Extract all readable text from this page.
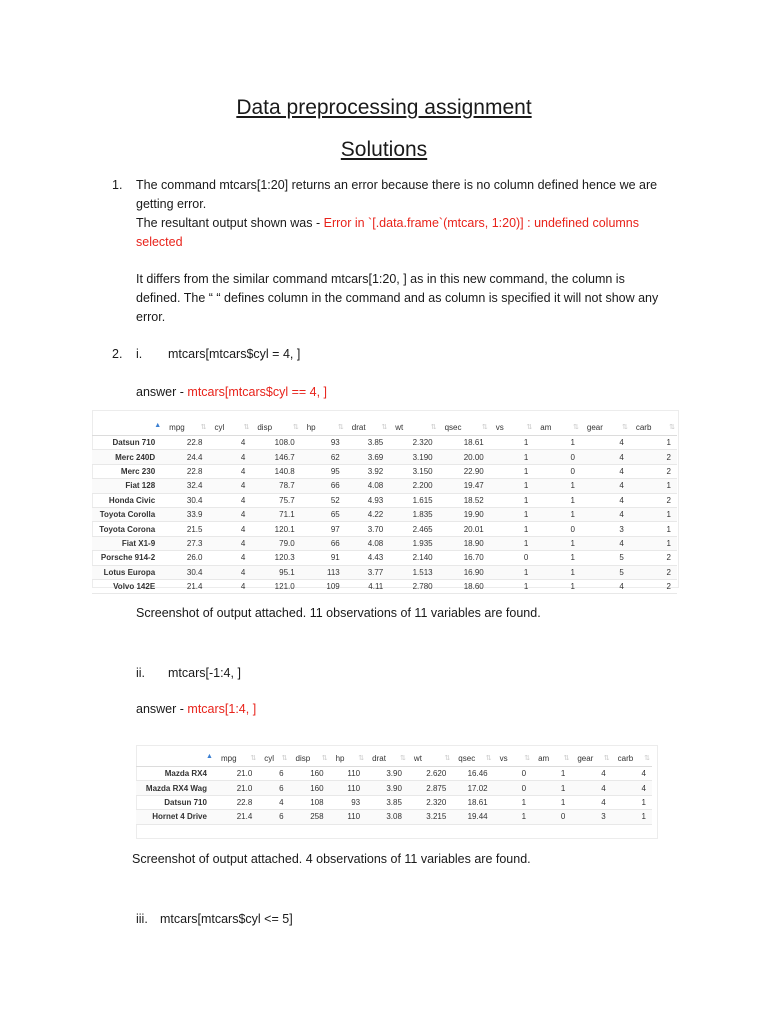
Data preprocessing assignment
Solutions
1.	The command mtcars[1:20] returns an error because there is no column defined hence we are
getting error.
The resultant output shown was - Error in `[.data.frame`(mtcars, 1:20)] : undefined columns
selected
It differs from the similar command mtcars[1:20, ] as in this new command, the column is
defined. The “ “ defines column in the command and as column is specified it will not show any
error.
2.	i.	mtcars[mtcars$cyl = 4, ]
answer - mtcars[mtcars$cyl == 4, ]
▲	mpg ⇅	cyl ⇅	disp ⇅	hp ⇅	drat ⇅	wt ⇅	qsec ⇅	vs ⇅	am ⇅	gear ⇅	carb ⇅

Datsun 710	22.8	4	108.0	93	3.85	2.320	18.61	1	1	4	1
Merc 240D	24.4	4	146.7	62	3.69	3.190	20.00	1	0	4	2
Merc 230	22.8	4	140.8	95	3.92	3.150	22.90	1	0	4	2
Fiat 128	32.4	4	78.7	66	4.08	2.200	19.47	1	1	4	1
Honda Civic	30.4	4	75.7	52	4.93	1.615	18.52	1	1	4	2
Toyota Corolla	33.9	4	71.1	65	4.22	1.835	19.90	1	1	4	1
Toyota Corona	21.5	4	120.1	97	3.70	2.465	20.01	1	0	3	1
Fiat X1-9	27.3	4	79.0	66	4.08	1.935	18.90	1	1	4	1
Porsche 914-2	26.0	4	120.3	91	4.43	2.140	16.70	0	1	5	2
Lotus Europa	30.4	4	95.1	113	3.77	1.513	16.90	1	1	5	2
Volvo 142E	21.4	4	121.0	109	4.11	2.780	18.60	1	1	4	2
Screenshot of output attached. 11 observations of 11 variables are found.
ii.	mtcars[-1:4, ]
answer - mtcars[1:4, ]
▲	mpg ⇅	cyl ⇅	disp ⇅	hp ⇅	drat ⇅	wt ⇅	qsec ⇅	vs ⇅	am ⇅	gear ⇅	carb ⇅

Mazda RX4	21.0	6	160	110	3.90	2.620	16.46	0	1	4	4
Mazda RX4 Wag	21.0	6	160	110	3.90	2.875	17.02	0	1	4	4
Datsun 710	22.8	4	108	93	3.85	2.320	18.61	1	1	4	1
Hornet 4 Drive	21.4	6	258	110	3.08	3.215	19.44	1	0	3	1
Screenshot of output attached. 4 observations of 11 variables are found.
iii. mtcars[mtcars$cyl <= 5]
